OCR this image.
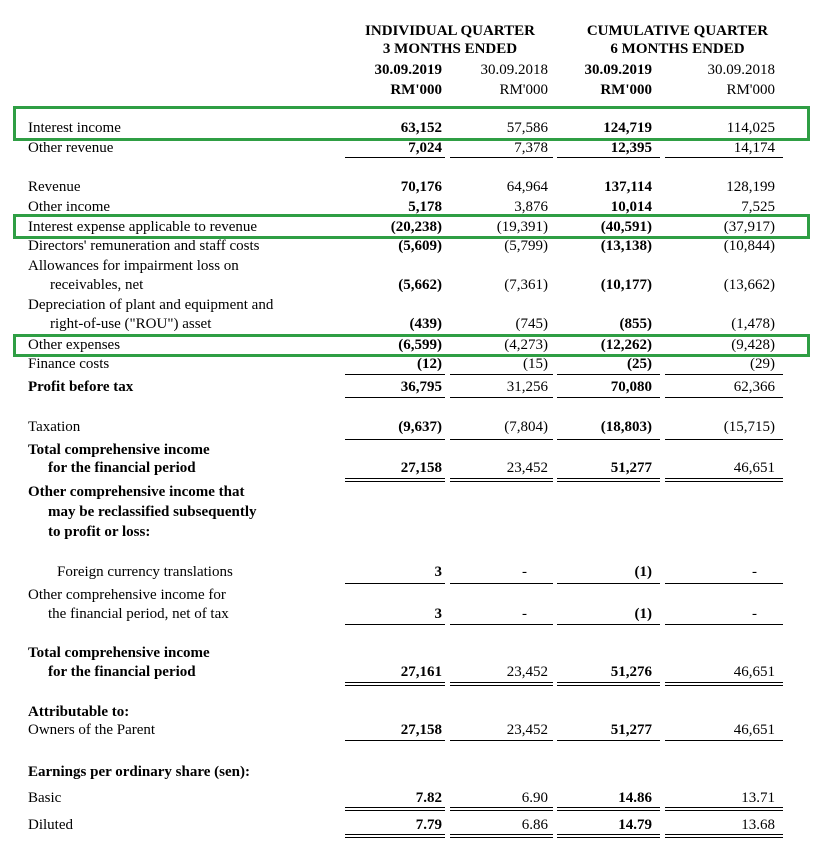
INDIVIDUAL QUARTER
3 MONTHS ENDED
CUMULATIVE QUARTER
6 MONTHS ENDED
30.09.2019	30.09.2018 30.09.2019	30.09.2018
RM'000	RM'000	RM'000	RM'000
Interest income	63,152	57,586	124,719	114,025
Other revenue	7,024	7,378	12,395	14,174
Revenue	70,176	64,964	137,114	128,199
Other income	5,178	3,876	10,014	7,525
Interest expense applicable to revenue	(20,238)	(19,391)	(40,591)	(37,917)
Directors' remuneration and staff costs	(5,609)	(5,799)	(13,138)	(10,844)
Allowances for impairment loss on
receivables, net	(5,662)	(7,361)	(10,177)	(13,662)
Depreciation of plant and equipment and
right-of-use ("ROU") asset	(439)	(745)	(855)	(1,478)
Other expenses	(6,599)	(4,273)	(12,262)	(9,428)
Finance costs	(12)	(15)	(25)	(29)
Profit before tax	36,795	31,256	70,080	62,366
Taxation	(9,637)	(7,804)	(18,803)	(15,715)
Total comprehensive income
for the financial period	27,158	23,452	51,277	46,651
Other comprehensive income that
may be reclassified subsequently
to profit or loss:
Foreign currency translations	3	-	(1)	-
Other comprehensive income for
the financial period, net of tax	3	-	(1)	-
Total comprehensive income
for the financial period	27,161	23,452	51,276	46,651
Attributable to:
Owners of the Parent	27,158	23,452	51,277	46,651
Earnings per ordinary share (sen):
Basic	7.82	6.90	14.86	13.71
Diluted	7.79	6.86	14.79	13.68
